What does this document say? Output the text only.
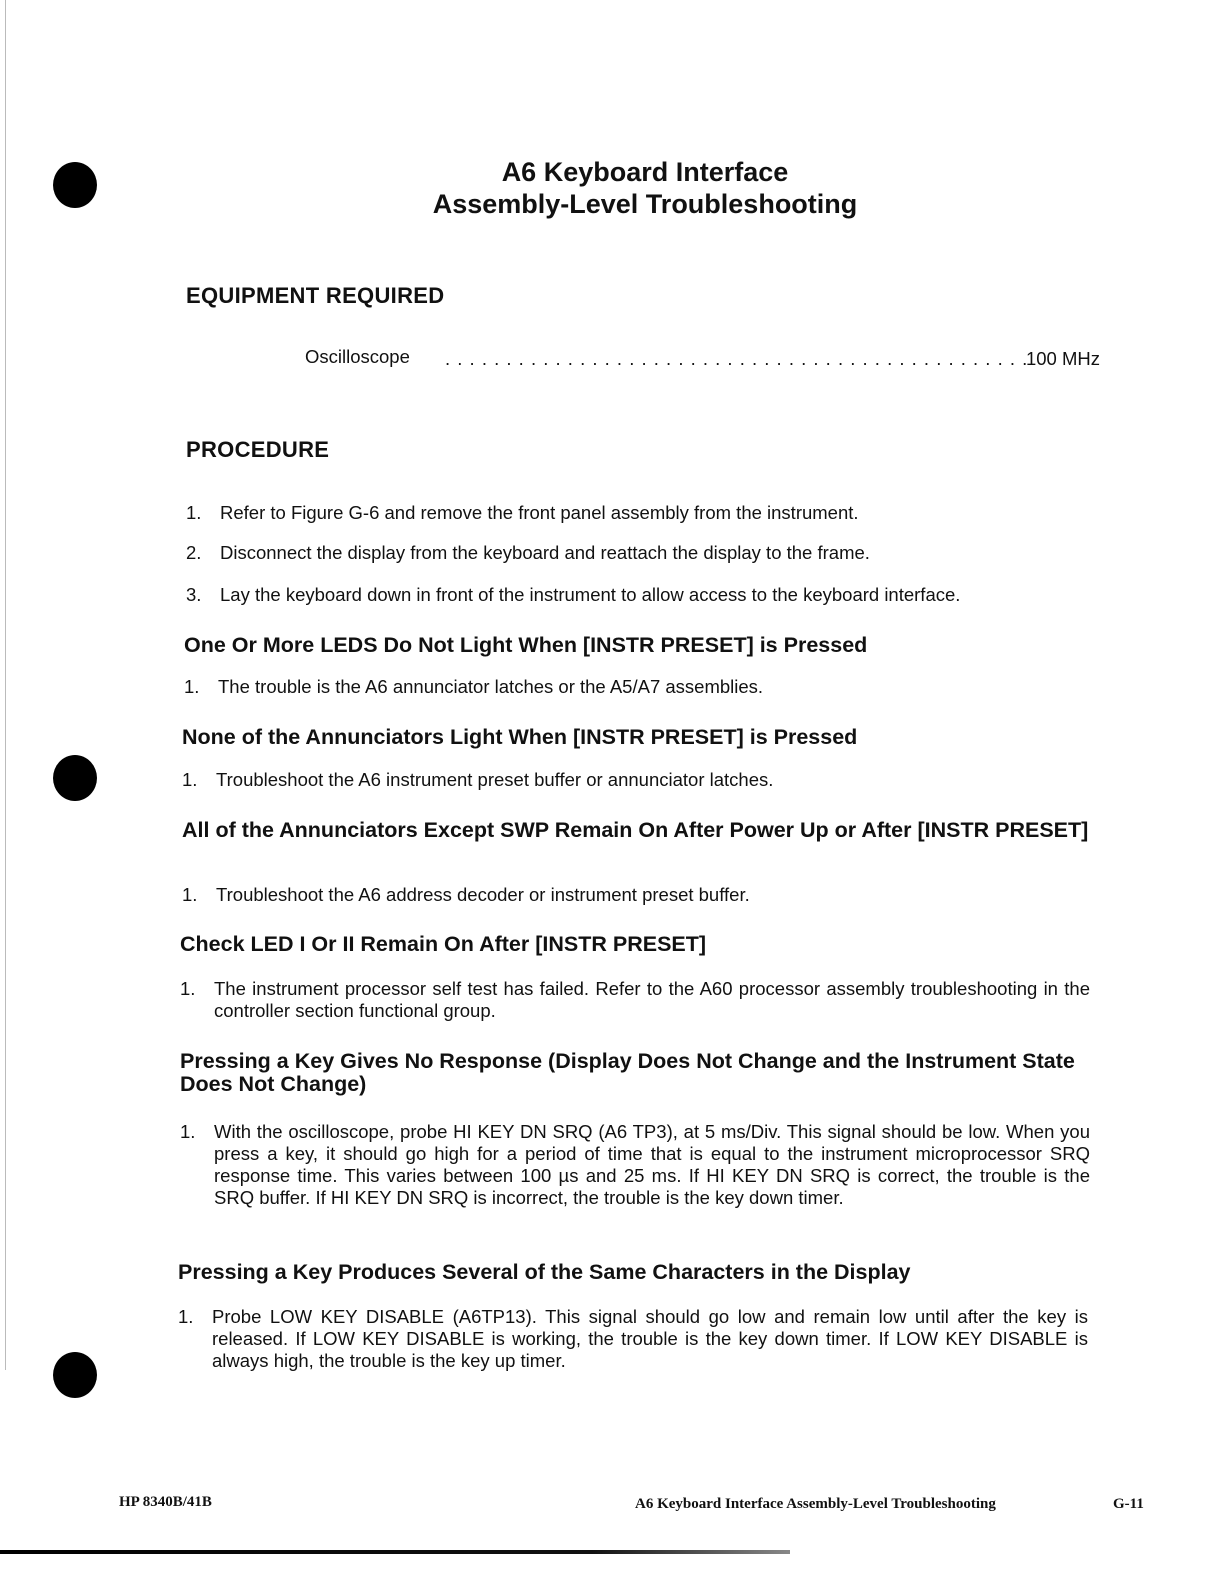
A6 Keyboard Interface
Assembly-Level Troubleshooting
EQUIPMENT REQUIRED
Oscilloscope . . . . . . . . . . . . . . . . . . . . . . . . . . . . . . . . . . . . . . . . . . . . . . . .
100 MHz
PROCEDURE
1. Refer to Figure G-6 and remove the front panel assembly from the instrument.
2. Disconnect the display from the keyboard and reattach the display to the frame.
3. Lay the keyboard down in front of the instrument to allow access to the keyboard interface.
One Or More LEDS Do Not Light When [INSTR PRESET] is Pressed
1. The trouble is the A6 annunciator latches or the A5/A7 assemblies.
None of the Annunciators Light When [INSTR PRESET] is Pressed
1. Troubleshoot the A6 instrument preset buffer or annunciator latches.
All of the Annunciators Except SWP Remain On After Power Up or After [INSTR PRESET]
1. Troubleshoot the A6 address decoder or instrument preset buffer.
Check LED I Or II Remain On After [INSTR PRESET]
1. The instrument processor self test has failed. Refer to the A60 processor assembly troubleshooting in the controller section functional group.
Pressing a Key Gives No Response (Display Does Not Change and the Instrument State Does Not Change)
1. With the oscilloscope, probe HI KEY DN SRQ (A6 TP3), at 5 ms/Div. This signal should be low. When you press a key, it should go high for a period of time that is equal to the instrument microprocessor SRQ response time. This varies between 100 µs and 25 ms. If HI KEY DN SRQ is correct, the trouble is the SRQ buffer. If HI KEY DN SRQ is incorrect, the trouble is the key down timer.
Pressing a Key Produces Several of the Same Characters in the Display
1. Probe LOW KEY DISABLE (A6TP13). This signal should go low and remain low until after the key is released. If LOW KEY DISABLE is working, the trouble is the key down timer. If LOW KEY DISABLE is always high, the trouble is the key up timer.
HP 8340B/41B	A6 Keyboard Interface Assembly-Level Troubleshooting	G-11
